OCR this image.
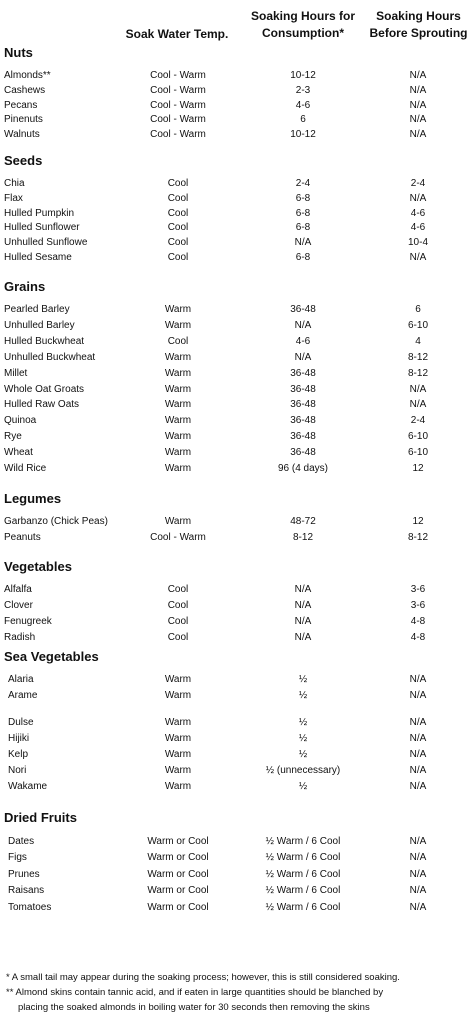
Soak Water Temp.
Soaking Hours for
Consumption*
Soaking Hours
Before Sprouting
Nuts
Almonds**	Cool - Warm	10-12	N/A
Cashews	Cool - Warm	2-3	N/A
Pecans	Cool - Warm	4-6	N/A
Pinenuts	Cool - Warm	6	N/A
Walnuts	Cool - Warm	10-12	N/A
Seeds
Chia	Cool	2-4	2-4
Flax	Cool	6-8	N/A
Hulled Pumpkin	Cool	6-8	4-6
Hulled Sunflower	Cool	6-8	4-6
Unhulled Sunflowe	Cool	N/A	10-4
Hulled Sesame	Cool	6-8	N/A
Grains
Pearled Barley	Warm	36-48	6
Unhulled Barley	Warm	N/A	6-10
Hulled Buckwheat	Cool	4-6	4
Unhulled Buckwheat	Warm	N/A	8-12
Millet	Warm	36-48	8-12
Whole Oat Groats	Warm	36-48	N/A
Hulled Raw Oats	Warm	36-48	N/A
Quinoa	Warm	36-48	2-4
Rye	Warm	36-48	6-10
Wheat	Warm	36-48	6-10
Wild Rice	Warm	96 (4 days)	12
Legumes
Garbanzo (Chick Peas)	Warm	48-72	12
Peanuts	Cool - Warm	8-12	8-12
Vegetables
Alfalfa	Cool	N/A	3-6
Clover	Cool	N/A	3-6
Fenugreek	Cool	N/A	4-8
Radish	Cool	N/A	4-8
Sea Vegetables
Alaria	Warm	½	N/A
Arame	Warm	½	N/A
Dulse	Warm	½	N/A
Hijiki	Warm	½	N/A
Kelp	Warm	½	N/A
Nori	Warm	½ (unnecessary)	N/A
Wakame	Warm	½	N/A
Dried Fruits
Dates	Warm or Cool	½ Warm / 6 Cool	N/A
Figs	Warm or Cool	½ Warm / 6 Cool	N/A
Prunes	Warm or Cool	½ Warm / 6 Cool	N/A
Raisans	Warm or Cool	½ Warm / 6 Cool	N/A
Tomatoes	Warm or Cool	½ Warm / 6 Cool	N/A
* A small tail may appear during the soaking process; however, this is still considered soaking.
** Almond skins contain tannic acid, and if eaten in large quantities should be blanched by
placing the soaked almonds in boiling water for 30 seconds then removing the skins
